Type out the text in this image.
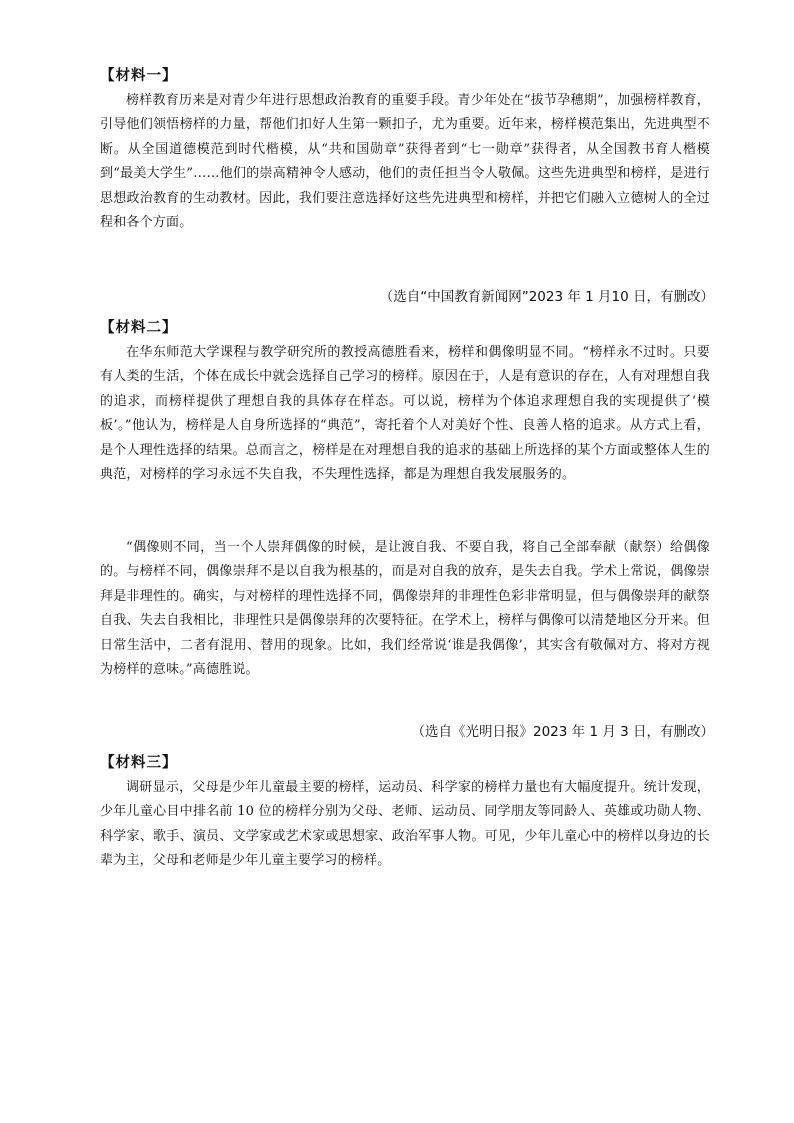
【材料一】
榜样教育历来是对青少年进行思想政治教育的重要手段。青少年处在“拔节孕穗期”，加强榜样教育，引导他们领悟榜样的力量，帮他们扣好人生第一颗扣子，尤为重要。近年来，榜样模范集出，先进典型不断。从全国道德模范到时代楷模，从“共和国勋章”获得者到“七一勋章”获得者，从全国教书育人楷模到“最美大学生”……他们的崇高精神令人感动，他们的责任担当令人敬佩。这些先进典型和榜样，是进行思想政治教育的生动教材。因此，我们要注意选择好这些先进典型和榜样，并把它们融入立德树人的全过程和各个方面。
（选自“中国教育新闻网”2023 年 1 月10 日，有删改）
【材料二】
在华东师范大学课程与教学研究所的教授高德胜看来，榜样和偶像明显不同。“榜样永不过时。只要有人类的生活，个体在成长中就会选择自己学习的榜样。原因在于，人是有意识的存在，人有对理想自我的追求，而榜样提供了理想自我的具体存在样态。可以说，榜样为个体追求理想自我的实现提供了‘模板’。”他认为，榜样是人自身所选择的“典范”，寄托着个人对美好个性、良善人格的追求。从方式上看，是个人理性选择的结果。总而言之，榜样是在对理想自我的追求的基础上所选择的某个方面或整体人生的典范，对榜样的学习永远不失自我，不失理性选择，都是为理想自我发展服务的。
“偶像则不同，当一个人崇拜偶像的时候，是让渡自我、不要自我，将自己全部奉献（献祭）给偶像的。与榜样不同，偶像崇拜不是以自我为根基的，而是对自我的放弃，是失去自我。学术上常说，偶像崇拜是非理性的。确实，与对榜样的理性选择不同，偶像崇拜的非理性色彩非常明显，但与偶像崇拜的献祭自我、失去自我相比，非理性只是偶像崇拜的次要特征。在学术上，榜样与偶像可以清楚地区分开来。但日常生活中，二者有混用、替用的现象。比如，我们经常说‘谁是我偶像’，其实含有敬佩对方、将对方视为榜样的意味。”高德胜说。
（选自《光明日报》2023 年 1 月 3 日，有删改）
【材料三】
调研显示，父母是少年儿童最主要的榜样，运动员、科学家的榜样力量也有大幅度提升。统计发现，少年儿童心目中排名前 10 位的榜样分别为父母、老师、运动员、同学朋友等同龄人、英雄或功勋人物、科学家、歌手、演员、文学家或艺术家或思想家、政治军事人物。可见，少年儿童心中的榜样以身边的长辈为主，父母和老师是少年儿童主要学习的榜样。
